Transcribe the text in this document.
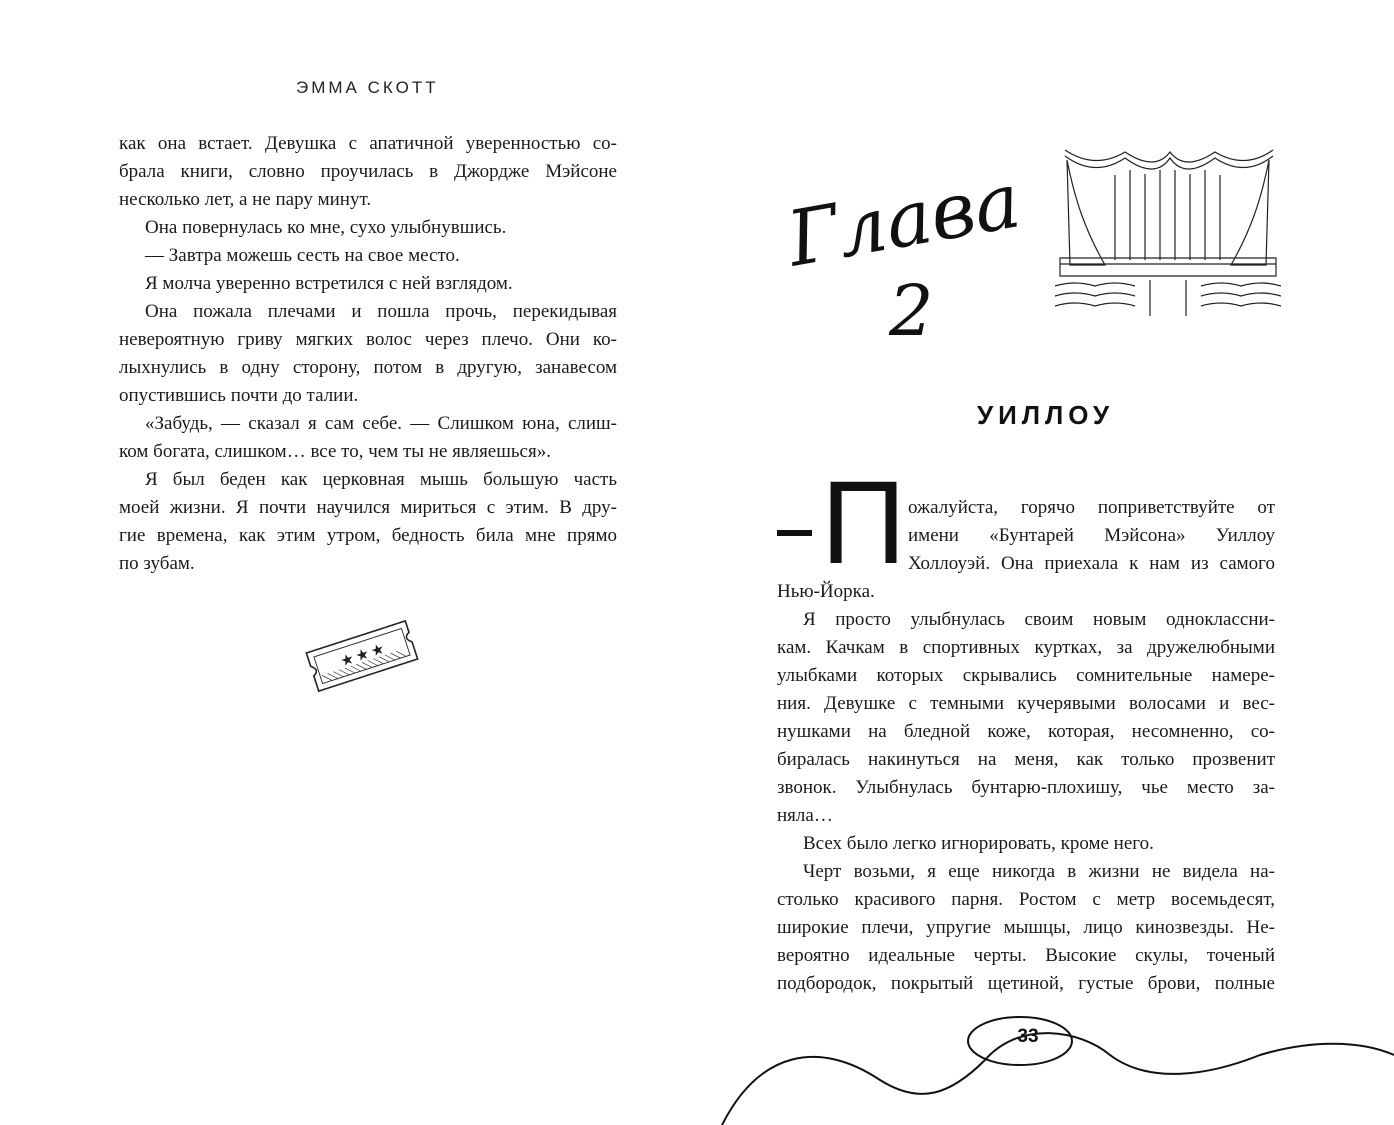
ЭММА СКОТТ

как она встает. Девушка с апатичной уверенностью со-

брала книги, словно проучилась в Джордже Мэйсоне

несколько лет, а не пару минут.

Она повернулась ко мне, сухо улыбнувшись.

— Завтра можешь сесть на свое место.

Я молча уверенно встретился с ней взглядом.

Она пожала плечами и пошла прочь, перекидывая

невероятную гриву мягких волос через плечо. Они ко-

лыхнулись в одну сторону, потом в другую, занавесом

опустившись почти до талии.

«Забудь, — сказал я сам себе. — Слишком юна, слиш-

ком богата, слишком… все то, чем ты не являешься».

Я был беден как церковная мышь большую часть

моей жизни. Я почти научился мириться с этим. В дру-

гие времена, как этим утром, бедность била мне прямо

по зубам.

★
★
★
Глава
2
УИЛЛОУ
П ожалуйста, горячо поприветствуйте от

имени «Бунтарей Мэйсона» Уиллоу

Холлоуэй. Она приехала к нам из самого

Нью-Йорка.

Я просто улыбнулась своим новым одноклассни-

кам. Качкам в спортивных куртках, за дружелюбными

улыбками которых скрывались сомнительные намере-

ния. Девушке с темными кучерявыми волосами и вес-

нушками на бледной коже, которая, несомненно, со-

биралась накинуться на меня, как только прозвенит

звонок. Улыбнулась бунтарю-плохишу, чье место за-

няла…

Всех было легко игнорировать, кроме него.

Черт возьми, я еще никогда в жизни не видела на-

столько красивого парня. Ростом с метр восемьдесят,

широкие плечи, упругие мышцы, лицо кинозвезды. Не-

вероятно идеальные черты. Высокие скулы, точеный

подбородок, покрытый щетиной, густые брови, полные

33
